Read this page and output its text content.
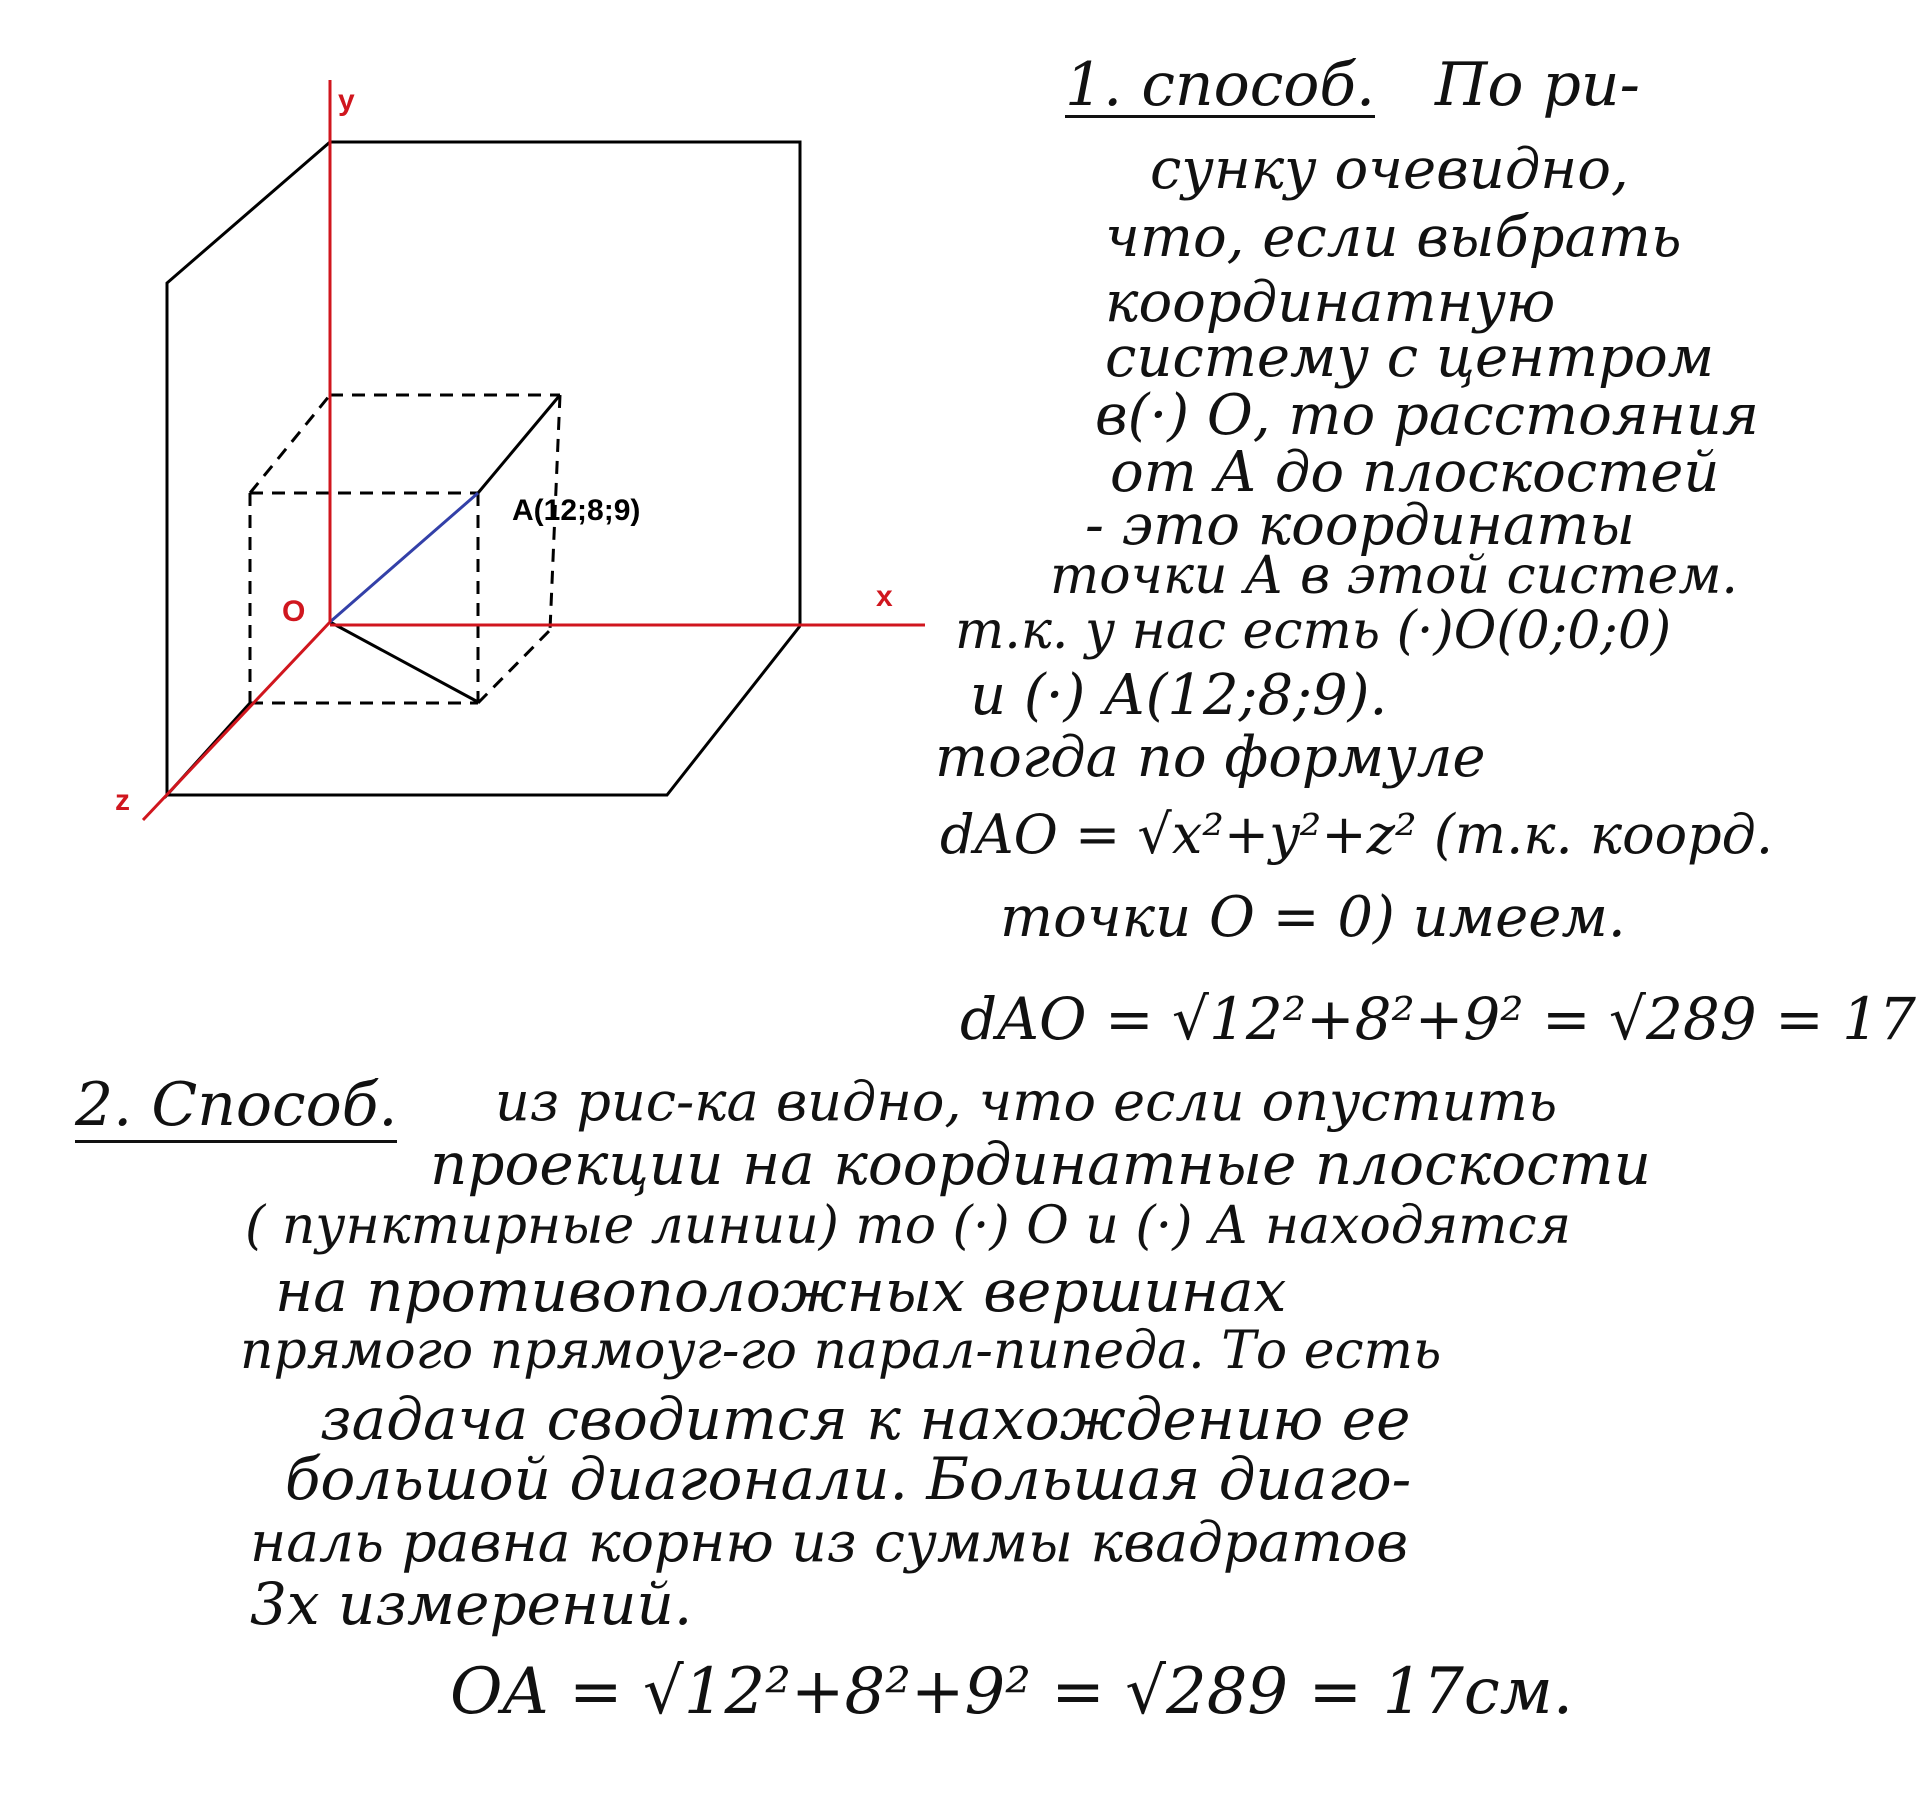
y
x
z
O
A(12;8;9)
1. способ. По ри-
сунку очевидно,
что, если выбрать
координатную
систему с центром
в(·) О, то расстояния
от А до плоскостей
- это координаты
точки А в этой систем.
т.к. у нас есть (·)О(0;0;0)
и (·) А(12;8;9).
тогда по формуле
dAO = √x²+y²+z² (т.к. коорд.
точки О = 0) имеем.
dAO = √12²+8²+9² = √289 = 17
2. Способ. из рис-ка видно, что если опустить
проекции на координатные плоскости
( пунктирные линии) то (·) О и (·) А находятся
на противоположных вершинах
прямого прямоуг-го парал-пипеда. То есть
задача сводится к нахождению ее
большой диагонали. Большая диаго-
наль равна корню из суммы квадратов
3х измерений.
OA = √12²+8²+9² = √289 = 17см.
